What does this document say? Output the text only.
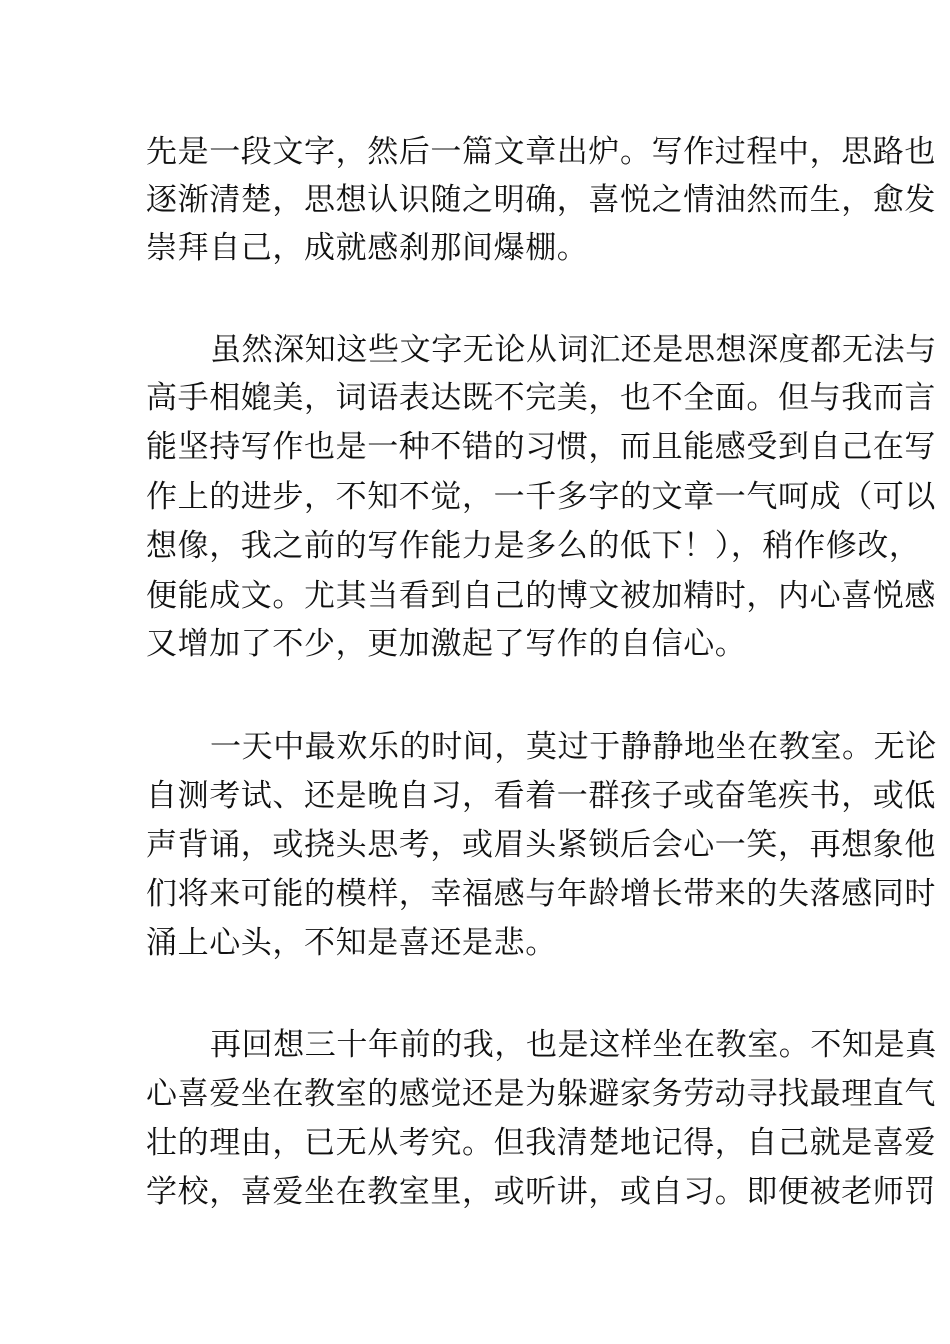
先是一段文字，然后一篇文章出炉。写作过程中，思路也
逐渐清楚，思想认识随之明确，喜悦之情油然而生，愈发
崇拜自己，成就感刹那间爆棚。
虽然深知这些文字无论从词汇还是思想深度都无法与
高手相媲美，词语表达既不完美，也不全面。但与我而言
能坚持写作也是一种不错的习惯，而且能感受到自己在写
作上的进步，不知不觉，一千多字的文章一气呵成（可以
想像，我之前的写作能力是多么的低下！），稍作修改，
便能成文。尤其当看到自己的博文被加精时，内心喜悦感
又增加了不少，更加激起了写作的自信心。
一天中最欢乐的时间，莫过于静静地坐在教室。无论
自测考试、还是晚自习，看着一群孩子或奋笔疾书，或低
声背诵，或挠头思考，或眉头紧锁后会心一笑，再想象他
们将来可能的模样，幸福感与年龄增长带来的失落感同时
涌上心头，不知是喜还是悲。
再回想三十年前的我，也是这样坐在教室。不知是真
心喜爱坐在教室的感觉还是为躲避家务劳动寻找最理直气
壮的理由，已无从考究。但我清楚地记得，自己就是喜爱
学校，喜爱坐在教室里，或听讲，或自习。即便被老师罚
